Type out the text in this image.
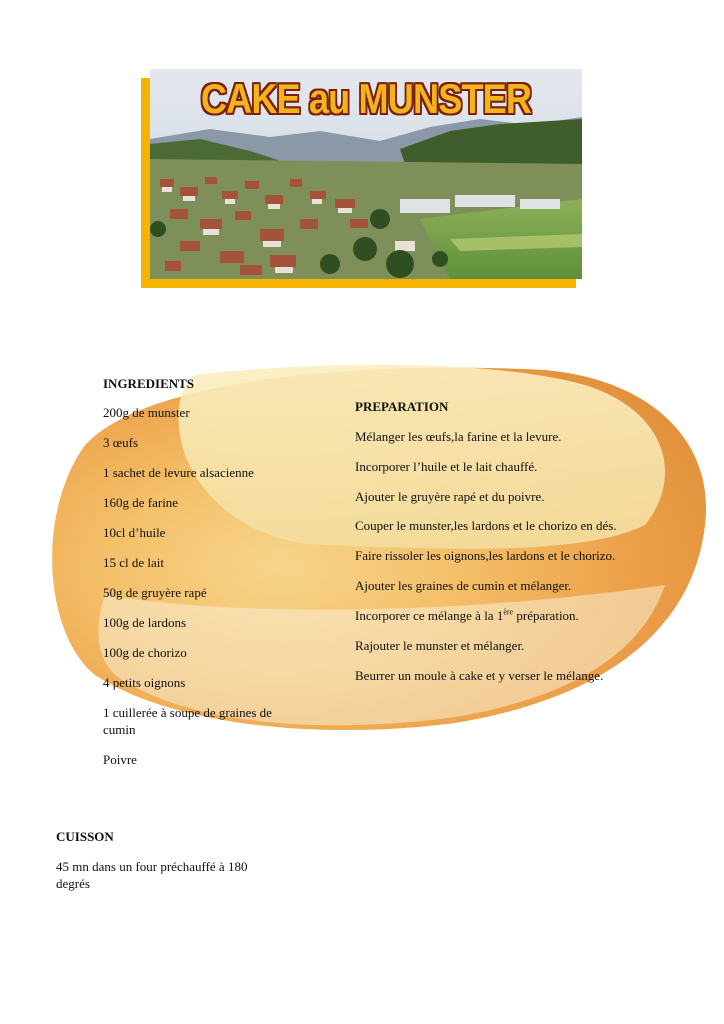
CAKE au MUNSTER
INGREDIENTS
200g de munster
3 œufs
1 sachet de levure alsacienne
160g de farine
10cl d’huile
15 cl de lait
50g de gruyère rapé
100g de lardons
100g de chorizo
4 petits oignons
1 cuillerée à soupe de graines de
cumin
Poivre
PREPARATION
Mélanger les œufs,la farine et la levure.
Incorporer l’huile et le lait chauffé.
Ajouter le gruyère rapé et du poivre.
Couper le munster,les lardons et le chorizo en dés.
Faire rissoler les oignons,les lardons et le chorizo.
Ajouter les graines de cumin et mélanger.
Incorporer ce mélange à la 1ère préparation.
Rajouter le munster et mélanger.
Beurrer un moule à cake et y verser le mélange.
CUISSON
45 mn dans un four préchauffé à 180
degrés
